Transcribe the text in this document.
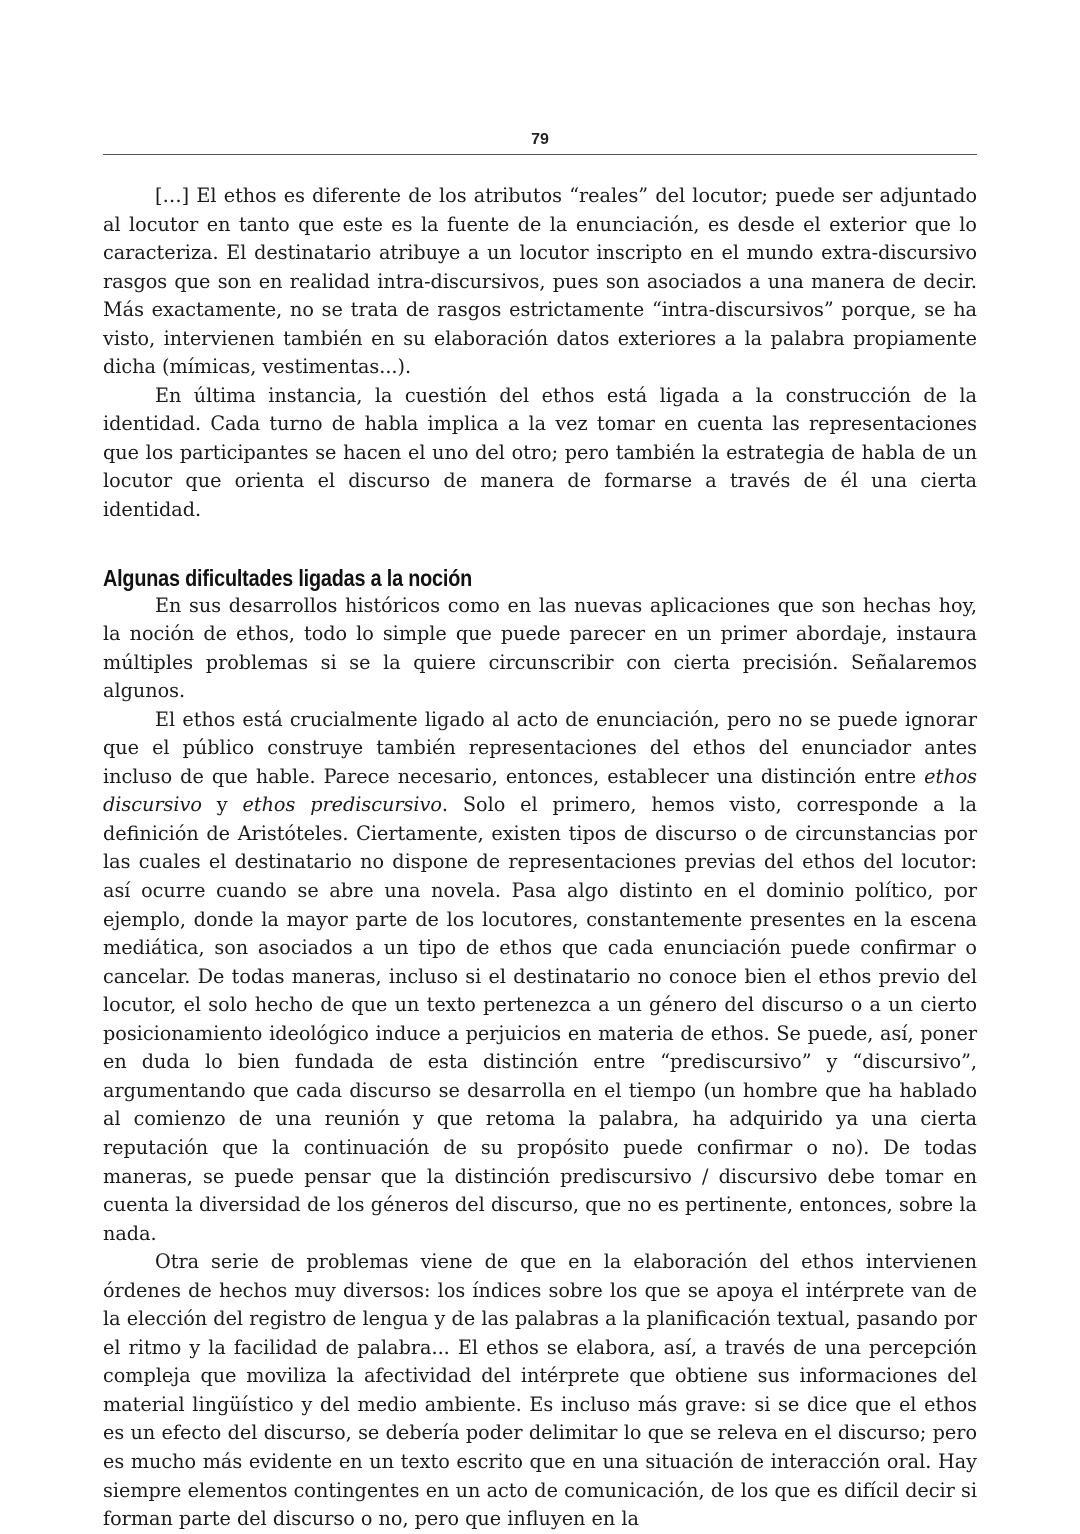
79

[…] El ethos es diferente de los atributos “reales” del locutor; puede ser adjuntado al locutor en tanto que este es la fuente de la enunciación, es desde el exterior que lo caracteriza. El destinatario atribuye a un locutor inscripto en el mundo extra-discursivo rasgos que son en realidad intra-discursivos, pues son asociados a una manera de decir. Más exactamente, no se trata de rasgos estrictamente “intra-discursivos” porque, se ha visto, intervienen también en su elaboración datos exteriores a la palabra propiamente dicha (mímicas, vestimentas...).

En última instancia, la cuestión del ethos está ligada a la construcción de la identidad. Cada turno de habla implica a la vez tomar en cuenta las representaciones que los participantes se hacen el uno del otro; pero también la estrategia de habla de un locutor que orienta el discurso de manera de formarse a través de él una cierta identidad.

Algunas dificultades ligadas a la noción

En sus desarrollos históricos como en las nuevas aplicaciones que son hechas hoy, la noción de ethos, todo lo simple que puede parecer en un primer abordaje, instaura múltiples problemas si se la quiere circunscribir con cierta precisión. Señalaremos algunos.

El ethos está crucialmente ligado al acto de enunciación, pero no se puede ignorar que el público construye también representaciones del ethos del enunciador antes incluso de que hable. Parece necesario, entonces, establecer una distinción entre ethos discursivo y ethos prediscursivo. Solo el primero, hemos visto, corresponde a la definición de Aristóteles. Ciertamente, existen tipos de discurso o de circunstancias por las cuales el destinatario no dispone de representaciones previas del ethos del locutor: así ocurre cuando se abre una novela. Pasa algo distinto en el dominio político, por ejemplo, donde la mayor parte de los locutores, constantemente presentes en la escena mediática, son asociados a un tipo de ethos que cada enunciación puede confirmar o cancelar. De todas maneras, incluso si el destinatario no conoce bien el ethos previo del locutor, el solo hecho de que un texto pertenezca a un género del discurso o a un cierto posicionamiento ideológico induce a perjuicios en materia de ethos. Se puede, así, poner en duda lo bien fundada de esta distinción entre “prediscursivo” y “discursivo”, argumentando que cada discurso se desarrolla en el tiempo (un hombre que ha hablado al comienzo de una reunión y que retoma la palabra, ha adquirido ya una cierta reputación que la continuación de su propósito puede confirmar o no). De todas maneras, se puede pensar que la distinción prediscursivo / discursivo debe tomar en cuenta la diversidad de los géneros del discurso, que no es pertinente, entonces, sobre la nada.

Otra serie de problemas viene de que en la elaboración del ethos intervienen órdenes de hechos muy diversos: los índices sobre los que se apoya el intérprete van de la elección del registro de lengua y de las palabras a la planificación textual, pasando por el ritmo y la facilidad de palabra... El ethos se elabora, así, a través de una percepción compleja que moviliza la afectividad del intérprete que obtiene sus informaciones del material lingüístico y del medio ambiente. Es incluso más grave: si se dice que el ethos es un efecto del discurso, se debería poder delimitar lo que se releva en el discurso; pero es mucho más evidente en un texto escrito que en una situación de interacción oral. Hay siempre elementos contingentes en un acto de comunicación, de los que es difícil decir si forman parte del discurso o no, pero que influyen en la
